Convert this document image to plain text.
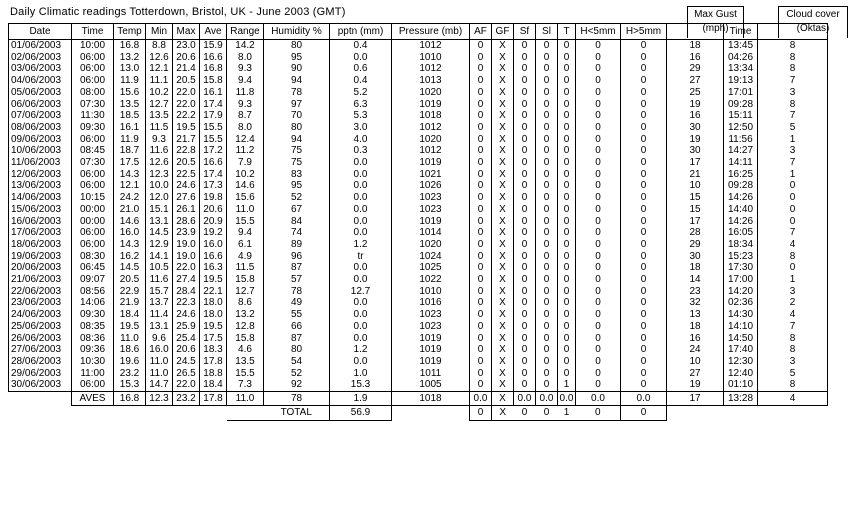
Daily Climatic readings Totterdown, Bristol, UK - June 2003 (GMT)	Max Gust
(mph)
Cloud cover
(Oktas)
Date	Time	Temp	Min	Max	Ave	Range	Humidity %	pptn (mm)	Pressure (mb)	AF	GF	Sf	Sl	T	H<5mm	H>5mm		Time	
01/06/2003	10:00	16.8	8.8	23.0	15.9	14.2	80	0.4	1012	0	X	0	0	0	0	0	18	13:45	8
02/06/2003	06:00	13.2	12.6	20.6	16.6	8.0	95	0.0	1010	0	X	0	0	0	0	0	16	04:26	8
03/06/2003	06:00	13.0	12.1	21.4	16.8	9.3	90	0.6	1012	0	X	0	0	0	0	0	29	13:34	8
04/06/2003	06:00	11.9	11.1	20.5	15.8	9.4	94	0.4	1013	0	X	0	0	0	0	0	27	19:13	7
05/06/2003	08:00	15.6	10.2	22.0	16.1	11.8	78	5.2	1020	0	X	0	0	0	0	0	25	17:01	3
06/06/2003	07:30	13.5	12.7	22.0	17.4	9.3	97	6.3	1019	0	X	0	0	0	0	0	19	09:28	8
07/06/2003	11:30	18.5	13.5	22.2	17.9	8.7	70	5.3	1018	0	X	0	0	0	0	0	16	15:11	7
08/06/2003	09:30	16.1	11.5	19.5	15.5	8.0	80	3.0	1012	0	X	0	0	0	0	0	30	12:50	5
09/06/2003	06:00	11.9	9.3	21.7	15.5	12.4	94	4.0	1020	0	X	0	0	0	0	0	19	11:56	1
10/06/2003	08:45	18.7	11.6	22.8	17.2	11.2	75	0.3	1012	0	X	0	0	0	0	0	30	14:27	3
11/06/2003	07:30	17.5	12.6	20.5	16.6	7.9	75	0.0	1019	0	X	0	0	0	0	0	17	14:11	7
12/06/2003	06:00	14.3	12.3	22.5	17.4	10.2	83	0.0	1021	0	X	0	0	0	0	0	21	16:25	1
13/06/2003	06:00	12.1	10.0	24.6	17.3	14.6	95	0.0	1026	0	X	0	0	0	0	0	10	09:28	0
14/06/2003	10:15	24.2	12.0	27.6	19.8	15.6	52	0.0	1023	0	X	0	0	0	0	0	15	14:26	0
15/06/2003	00:00	21.0	15.1	26.1	20.6	11.0	67	0.0	1023	0	X	0	0	0	0	0	15	14:40	0
16/06/2003	00:00	14.6	13.1	28.6	20.9	15.5	84	0.0	1019	0	X	0	0	0	0	0	17	14:26	0
17/06/2003	06:00	16.0	14.5	23.9	19.2	9.4	74	0.0	1014	0	X	0	0	0	0	0	28	16:05	7
18/06/2003	06:00	14.3	12.9	19.0	16.0	6.1	89	1.2	1020	0	X	0	0	0	0	0	29	18:34	4
19/06/2003	08:30	16.2	14.1	19.0	16.6	4.9	96	tr	1024	0	X	0	0	0	0	0	30	15:23	8
20/06/2003	06:45	14.5	10.5	22.0	16.3	11.5	87	0.0	1025	0	X	0	0	0	0	0	18	17:30	0
21/06/2003	09:07	20.5	11.6	27.4	19.5	15.8	57	0.0	1022	0	X	0	0	0	0	0	14	17:00	1
22/06/2003	08:56	22.9	15.7	28.4	22.1	12.7	78	12.7	1010	0	X	0	0	0	0	0	23	14:20	3
23/06/2003	14:06	21.9	13.7	22.3	18.0	8.6	49	0.0	1016	0	X	0	0	0	0	0	32	02:36	2
24/06/2003	09:30	18.4	11.4	24.6	18.0	13.2	55	0.0	1023	0	X	0	0	0	0	0	13	14:30	4
25/06/2003	08:35	19.5	13.1	25.9	19.5	12.8	66	0.0	1023	0	X	0	0	0	0	0	18	14:10	7
26/06/2003	08:36	11.0	9.6	25.4	17.5	15.8	87	0.0	1019	0	X	0	0	0	0	0	16	14:50	8
27/06/2003	09:36	18.6	16.0	20.6	18.3	4.6	80	1.2	1019	0	X	0	0	0	0	0	24	17:40	8
28/06/2003	10:30	19.6	11.0	24.5	17.8	13.5	54	0.0	1019	0	X	0	0	0	0	0	10	12:30	3
29/06/2003	11:00	23.2	11.0	26.5	18.8	15.5	52	1.0	1011	0	X	0	0	0	0	0	27	12:40	5
30/06/2003	06:00	15.3	14.7	22.0	18.4	7.3	92	15.3	1005	0	X	0	0	1	0	0	19	01:10	8
	AVES	16.8	12.3	23.2	17.8	11.0	78	1.9	1018	0.0	X	0.0	0.0	0.0	0.0	0.0	17	13:28	4
							TOTAL	56.9		0	X	0	0	1	0	0			
